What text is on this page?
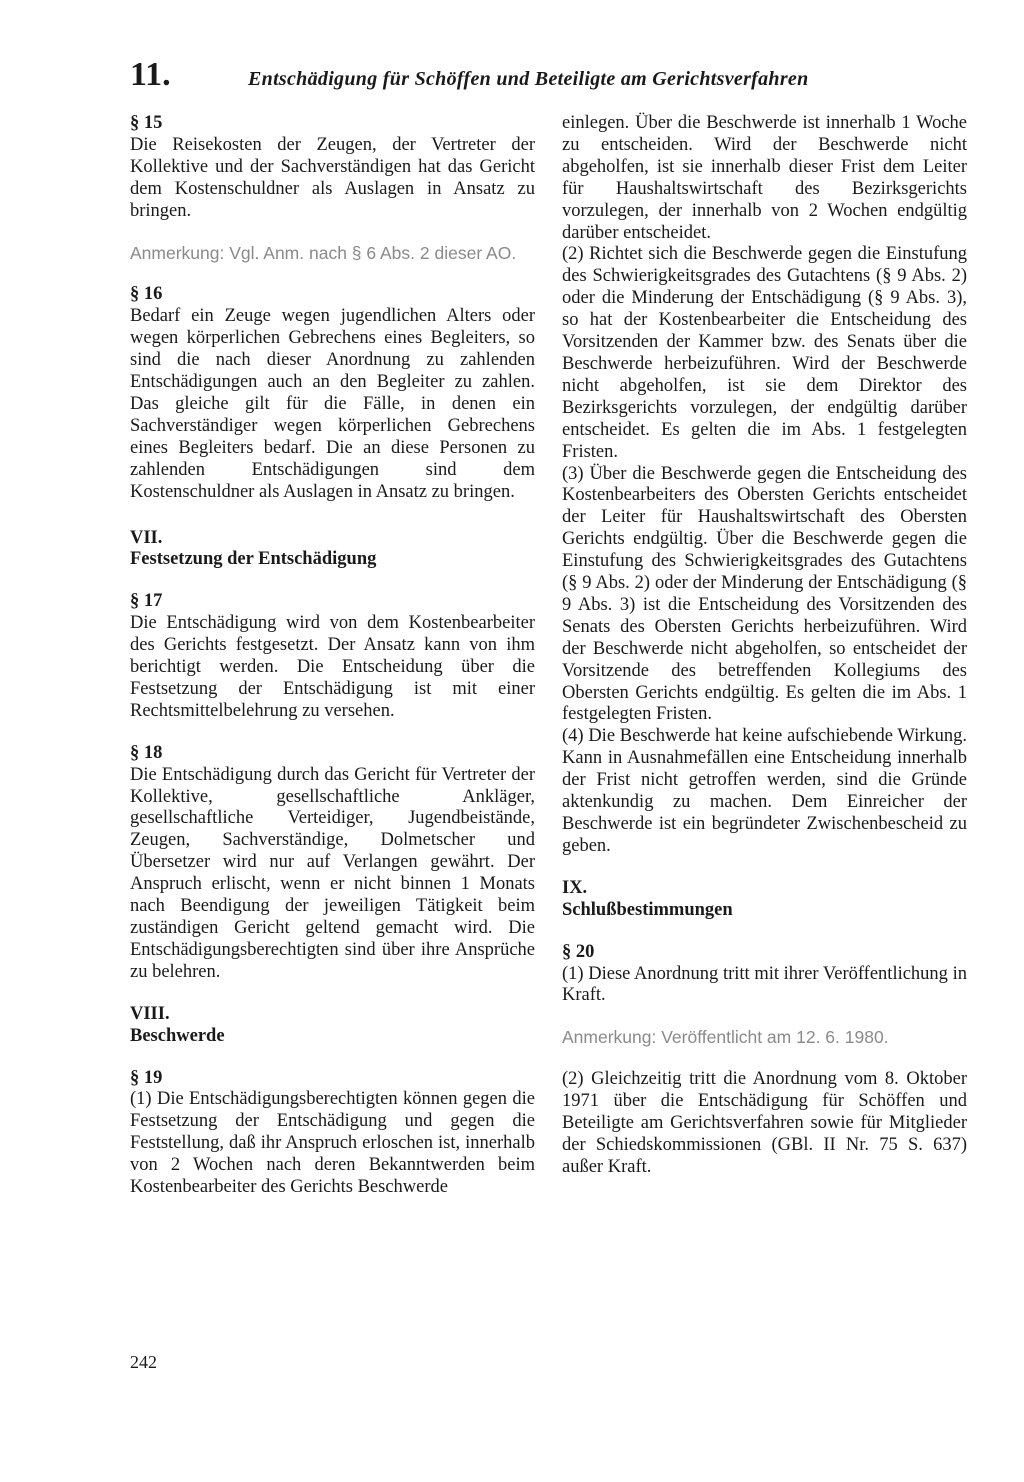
11.	Entschädigung für Schöffen und Beteiligte am Gerichtsverfahren

§ 15

Die Reisekosten der Zeugen, der Vertreter der Kollektive und der Sachverständigen hat das Gericht dem Kostenschuldner als Auslagen in Ansatz zu bringen.

Anmerkung: Vgl. Anm. nach § 6 Abs. 2 dieser AO.

§ 16

Bedarf ein Zeuge wegen jugendlichen Alters oder wegen körperlichen Gebrechens eines Begleiters, so sind die nach dieser Anordnung zu zahlenden Entschädigungen auch an den Begleiter zu zahlen. Das gleiche gilt für die Fälle, in denen ein Sachverständiger wegen körperlichen Gebrechens eines Begleiters bedarf. Die an diese Personen zu zahlenden Entschädigungen sind dem Kostenschuldner als Auslagen in Ansatz zu bringen.

VII.

Festsetzung der Entschädigung

§ 17

Die Entschädigung wird von dem Kostenbearbeiter des Gerichts festgesetzt. Der Ansatz kann von ihm berichtigt werden. Die Entscheidung über die Festsetzung der Entschädigung ist mit einer Rechtsmittelbelehrung zu versehen.

§ 18

Die Entschädigung durch das Gericht für Vertreter der Kollektive, gesellschaftliche Ankläger, gesellschaftliche Verteidiger, Jugendbeistände, Zeugen, Sachverständige, Dolmetscher und Übersetzer wird nur auf Verlangen gewährt. Der Anspruch erlischt, wenn er nicht binnen 1 Monats nach Beendigung der jeweiligen Tätigkeit beim zuständigen Gericht geltend gemacht wird. Die Entschädigungsberechtigten sind über ihre Ansprüche zu belehren.

VIII.

Beschwerde

§ 19

(1) Die Entschädigungsberechtigten können gegen die Festsetzung der Entschädigung und gegen die Feststellung, daß ihr Anspruch erloschen ist, innerhalb von 2 Wochen nach deren Bekanntwerden beim Kostenbearbeiter des Gerichts Beschwerde

einlegen. Über die Beschwerde ist innerhalb 1 Woche zu entscheiden. Wird der Beschwerde nicht abgeholfen, ist sie innerhalb dieser Frist dem Leiter für Haushaltswirtschaft des Bezirksgerichts vorzulegen, der innerhalb von 2 Wochen endgültig darüber entscheidet.

(2) Richtet sich die Beschwerde gegen die Einstufung des Schwierigkeitsgrades des Gutachtens (§ 9 Abs. 2) oder die Minderung der Entschädigung (§ 9 Abs. 3), so hat der Kostenbearbeiter die Entscheidung des Vorsitzenden der Kammer bzw. des Senats über die Beschwerde herbeizuführen. Wird der Beschwerde nicht abgeholfen, ist sie dem Direktor des Bezirksgerichts vorzulegen, der endgültig darüber entscheidet. Es gelten die im Abs. 1 festgelegten Fristen.

(3) Über die Beschwerde gegen die Entscheidung des Kostenbearbeiters des Obersten Gerichts entscheidet der Leiter für Haushaltswirtschaft des Obersten Gerichts endgültig. Über die Beschwerde gegen die Einstufung des Schwierigkeitsgrades des Gutachtens (§ 9 Abs. 2) oder der Minderung der Entschädigung (§ 9 Abs. 3) ist die Entscheidung des Vorsitzenden des Senats des Obersten Gerichts herbeizuführen. Wird der Beschwerde nicht abgeholfen, so entscheidet der Vorsitzende des betreffenden Kollegiums des Obersten Gerichts endgültig. Es gelten die im Abs. 1 festgelegten Fristen.

(4) Die Beschwerde hat keine aufschiebende Wirkung. Kann in Ausnahmefällen eine Entscheidung innerhalb der Frist nicht getroffen werden, sind die Gründe aktenkundig zu machen. Dem Einreicher der Beschwerde ist ein begründeter Zwischenbescheid zu geben.

IX.

Schlußbestimmungen

§ 20

(1) Diese Anordnung tritt mit ihrer Veröffentlichung in Kraft.

Anmerkung: Veröffentlicht am 12. 6. 1980.

(2) Gleichzeitig tritt die Anordnung vom 8. Oktober 1971 über die Entschädigung für Schöffen und Beteiligte am Gerichtsverfahren sowie für Mitglieder der Schiedskommissionen (GBl. II Nr. 75 S. 637) außer Kraft.

242
